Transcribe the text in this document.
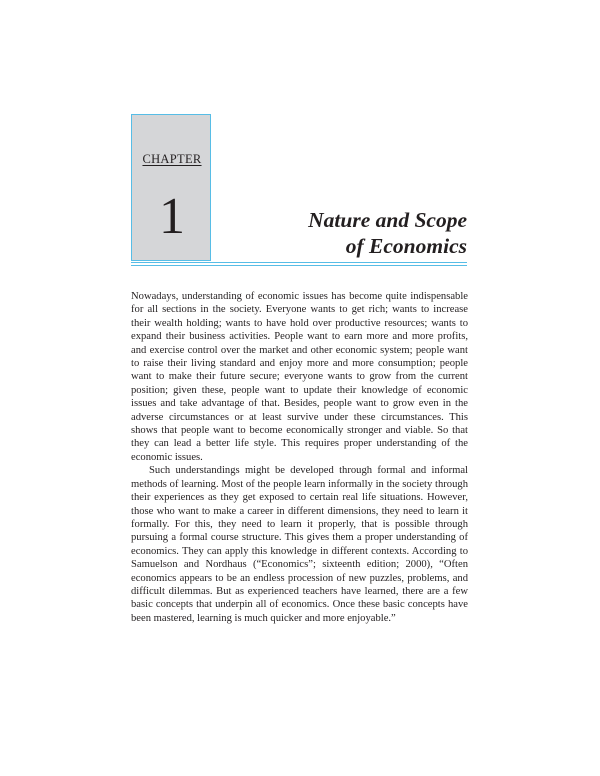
CHAPTER
1	Nature and Scope
of Economics

Nowadays, understanding of economic issues has become quite indispensable for all sections in the society. Everyone wants to get rich; wants to increase their wealth holding; wants to have hold over productive resources; wants to expand their business activities. People want to earn more and more profits, and exercise control over the market and other economic system; people want to raise their living standard and enjoy more and more consumption; people want to make their future secure; everyone wants to grow from the current position; given these, people want to update their knowledge of economic issues and take advantage of that. Besides, people want to grow even in the adverse circumstances or at least survive under these circumstances. This shows that people want to become economically stronger and viable. So that they can lead a better life style. This requires proper understanding of the economic issues.

Such understandings might be developed through formal and informal methods of learning. Most of the people learn informally in the society through their experiences as they get exposed to certain real life situations. However, those who want to make a career in different dimensions, they need to learn it formally. For this, they need to learn it properly, that is possible through pursuing a formal course structure. This gives them a proper understanding of economics. They can apply this knowledge in different contexts. According to Samuelson and Nordhaus (“Economics”; sixteenth edition; 2000), “Often economics appears to be an endless procession of new puzzles, problems, and difficult dilemmas. But as experienced teachers have learned, there are a few basic concepts that underpin all of economics. Once these basic concepts have been mastered, learning is much quicker and more enjoyable.”
